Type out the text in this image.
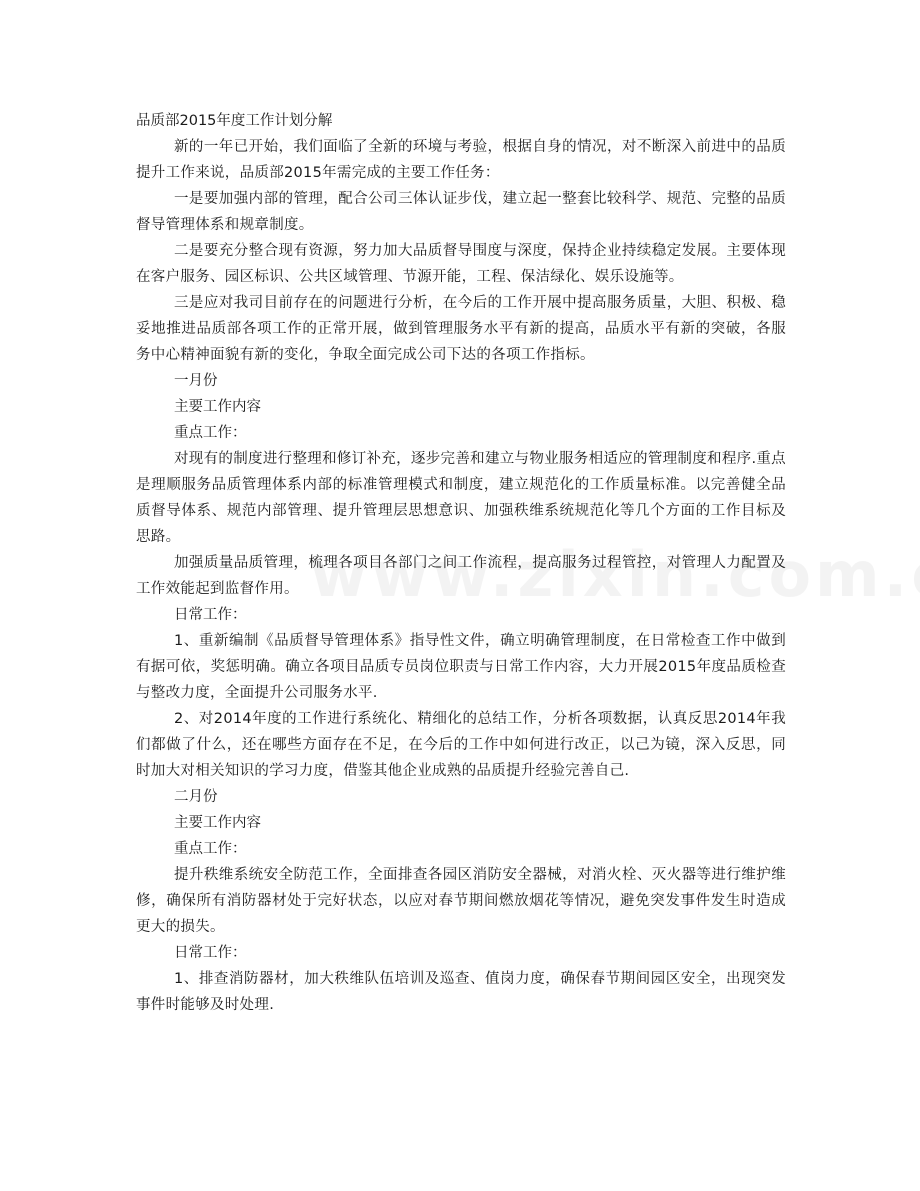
品质部2015年度工作计划分解

新的一年已开始，我们面临了全新的环境与考验，根据自身的情况，对不断深入前进中的品质提升工作来说，品质部2015年需完成的主要工作任务：

一是要加强内部的管理，配合公司三体认证步伐，建立起一整套比较科学、规范、完整的品质督导管理体系和规章制度。

二是要充分整合现有资源，努力加大品质督导围度与深度，保持企业持续稳定发展。主要体现在客户服务、园区标识、公共区域管理、节源开能，工程、保洁绿化、娱乐设施等。

三是应对我司目前存在的问题进行分析，在今后的工作开展中提高服务质量，大胆、积极、稳妥地推进品质部各项工作的正常开展，做到管理服务水平有新的提高，品质水平有新的突破，各服务中心精神面貌有新的变化，争取全面完成公司下达的各项工作指标。

一月份

主要工作内容

重点工作：

对现有的制度进行整理和修订补充，逐步完善和建立与物业服务相适应的管理制度和程序.重点是理顺服务品质管理体系内部的标准管理模式和制度，建立规范化的工作质量标准。以完善健全品质督导体系、规范内部管理、提升管理层思想意识、加强秩维系统规范化等几个方面的工作目标及思路。

加强质量品质管理，梳理各项目各部门之间工作流程，提高服务过程管控，对管理人力配置及工作效能起到监督作用。

日常工作：

1、重新编制《品质督导管理体系》指导性文件，确立明确管理制度，在日常检查工作中做到有据可依，奖惩明确。确立各项目品质专员岗位职责与日常工作内容，大力开展2015年度品质检查与整改力度，全面提升公司服务水平.

2、对2014年度的工作进行系统化、精细化的总结工作，分析各项数据，认真反思2014年我们都做了什么，还在哪些方面存在不足，在今后的工作中如何进行改正，以己为镜，深入反思，同时加大对相关知识的学习力度，借鉴其他企业成熟的品质提升经验完善自己.

二月份

主要工作内容

重点工作：

提升秩维系统安全防范工作，全面排查各园区消防安全器械，对消火栓、灭火器等进行维护维修，确保所有消防器材处于完好状态，以应对春节期间燃放烟花等情况，避免突发事件发生时造成更大的损失。

日常工作：

1、排查消防器材，加大秩维队伍培训及巡查、值岗力度，确保春节期间园区安全，出现突发事件时能够及时处理.
